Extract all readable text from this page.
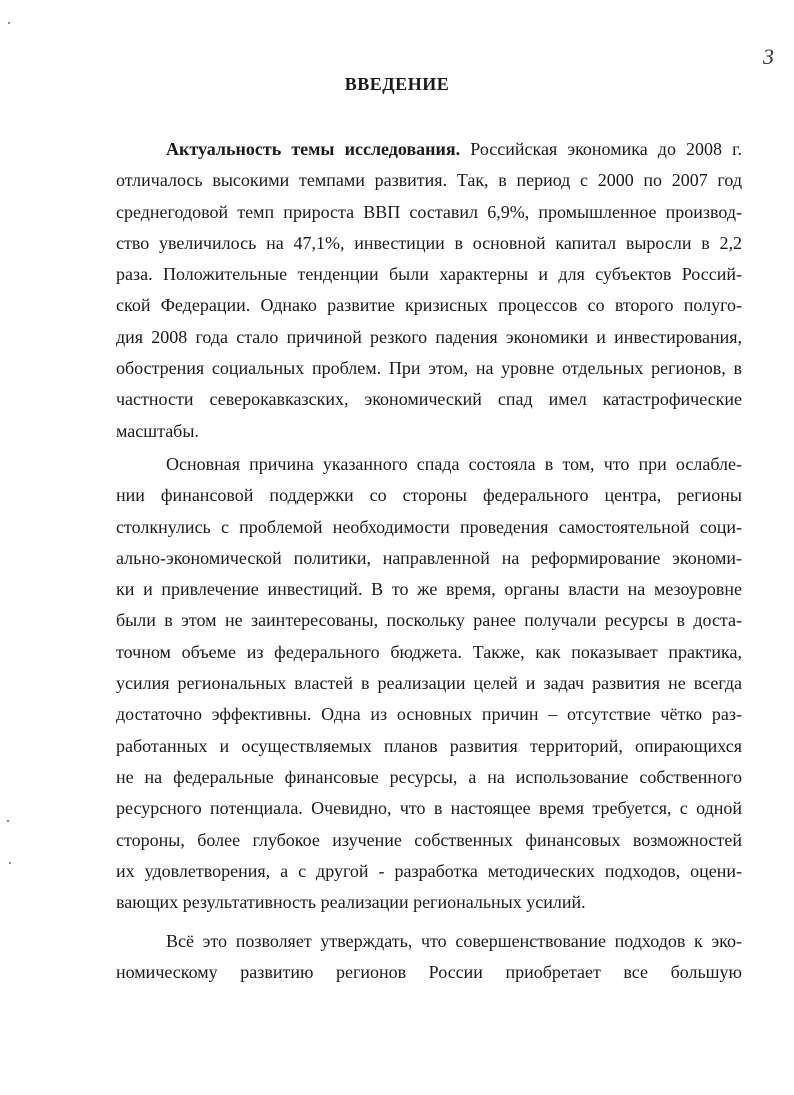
3
ВВЕДЕНИЕ
Актуальность темы исследования. Российская экономика до 2008 г.
отличалось высокими темпами развития. Так, в период с 2000 по 2007 год
среднегодовой темп прироста ВВП составил 6,9%, промышленное производ-
ство увеличилось на 47,1%, инвестиции в основной капитал выросли в 2,2
раза. Положительные тенденции были характерны и для субъектов Россий-
ской Федерации. Однако развитие кризисных процессов со второго полуго-
дия 2008 года стало причиной резкого падения экономики и инвестирования,
обострения социальных проблем. При этом, на уровне отдельных регионов, в
частности северокавказских, экономический спад имел катастрофические
масштабы.
Основная причина указанного спада состояла в том, что при ослабле-
нии финансовой поддержки со стороны федерального центра, регионы
столкнулись с проблемой необходимости проведения самостоятельной соци-
ально-экономической политики, направленной на реформирование экономи-
ки и привлечение инвестиций. В то же время, органы власти на мезоуровне
были в этом не заинтересованы, поскольку ранее получали ресурсы в доста-
точном объеме из федерального бюджета. Также, как показывает практика,
усилия региональных властей в реализации целей и задач развития не всегда
достаточно эффективны. Одна из основных причин – отсутствие чётко раз-
работанных и осуществляемых планов развития территорий, опирающихся
не на федеральные финансовые ресурсы, а на использование собственного
ресурсного потенциала. Очевидно, что в настоящее время требуется, с одной
стороны, более глубокое изучение собственных финансовых возможностей
их удовлетворения, а с другой - разработка методических подходов, оцени-
вающих результативность реализации региональных усилий.
Всё это позволяет утверждать, что совершенствование подходов к эко-
номическому развитию регионов России приобретает все большую
